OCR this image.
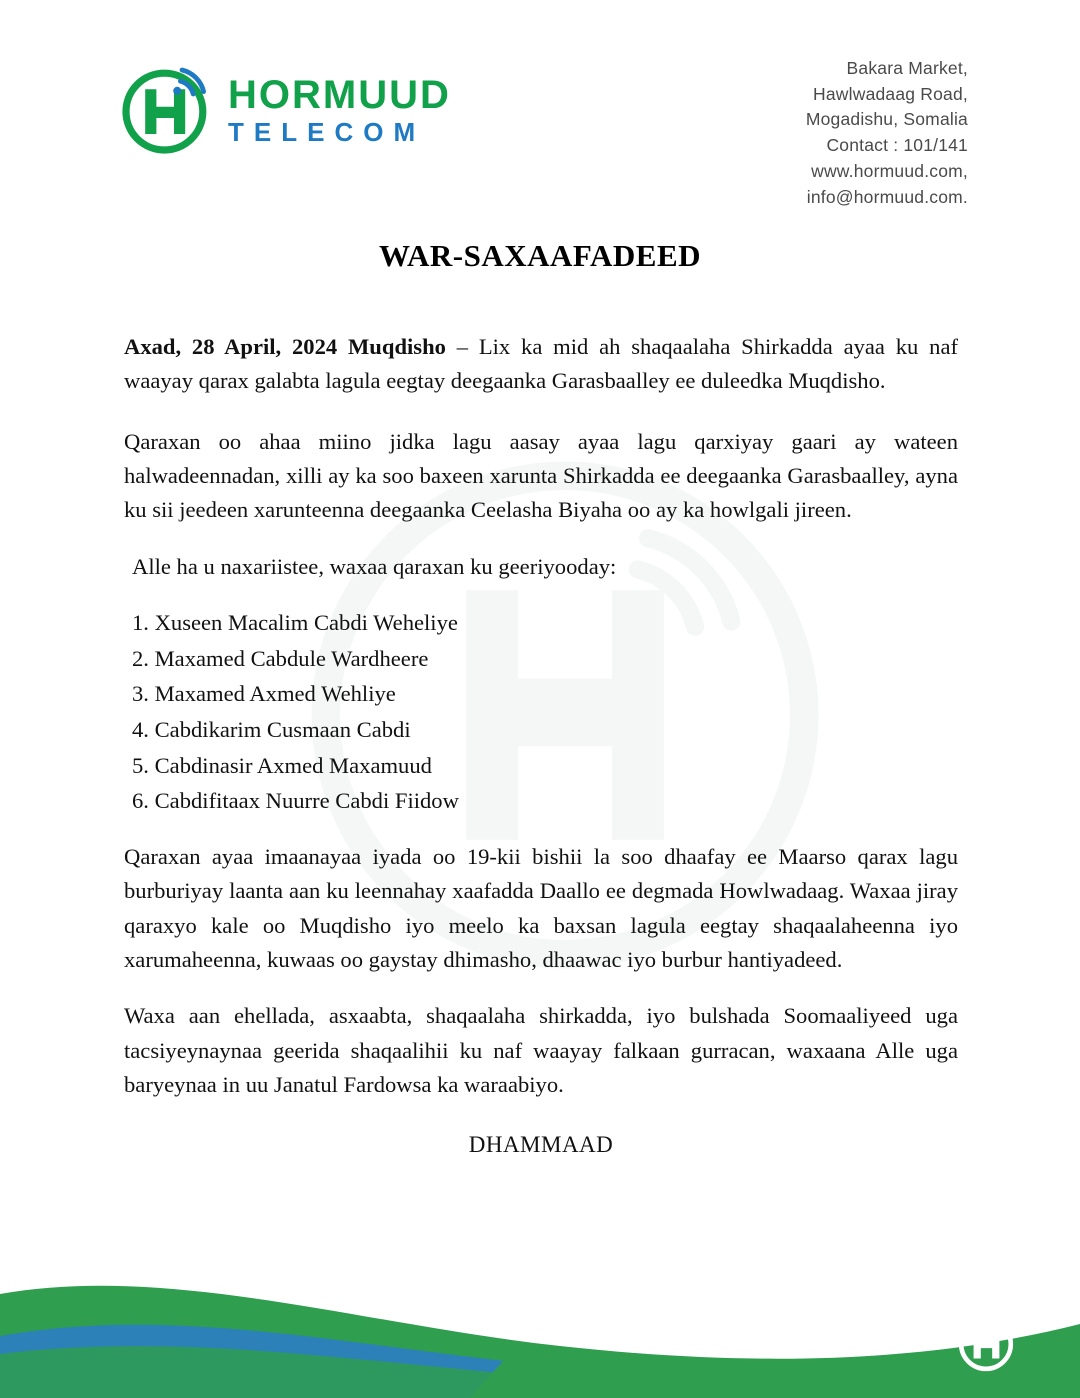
HORMUUD
TELECOM
Bakara Market,
Hawlwadaag Road,
Mogadishu, Somalia
Contact : 101/141
www.hormuud.com,
info@hormuud.com.
WAR-SAXAAFADEED

Axad, 28 April, 2024 Muqdisho – Lix ka mid ah shaqaalaha Shirkadda ayaa ku naf waayay qarax galabta lagula eegtay deegaanka Garasbaalley ee duleedka Muqdisho.

Qaraxan oo ahaa miino jidka lagu aasay ayaa lagu qarxiyay gaari ay wateen halwadeennadan, xilli ay ka soo baxeen xarunta Shirkadda ee deegaanka Garasbaalley, ayna ku sii jeedeen xarunteenna deegaanka Ceelasha Biyaha oo ay ka howlgali jireen.

Alle ha u naxariistee, waxaa qaraxan ku geeriyooday:

1. Xuseen Macalim Cabdi Weheliye
2. Maxamed Cabdule Wardheere
3. Maxamed Axmed Wehliye
4. Cabdikarim Cusmaan Cabdi
5. Cabdinasir Axmed Maxamuud
6. Cabdifitaax Nuurre Cabdi Fiidow

Qaraxan ayaa imaanayaa iyada oo 19-kii bishii la soo dhaafay ee Maarso qarax lagu burburiyay laanta aan ku leennahay xaafadda Daallo ee degmada Howlwadaag. Waxaa jiray qaraxyo kale oo Muqdisho iyo meelo ka baxsan lagula eegtay shaqaalaheenna iyo xarumaheenna, kuwaas oo gaystay dhimasho, dhaawac iyo burbur hantiyadeed.

Waxa aan ehellada, asxaabta, shaqaalaha shirkadda, iyo bulshada Soomaaliyeed uga tacsiyeynaynaa geerida shaqaalihii ku naf waayay falkaan gurracan, waxaana Alle uga baryeynaa in uu Janatul Fardowsa ka waraabiyo.

DHAMMAAD
